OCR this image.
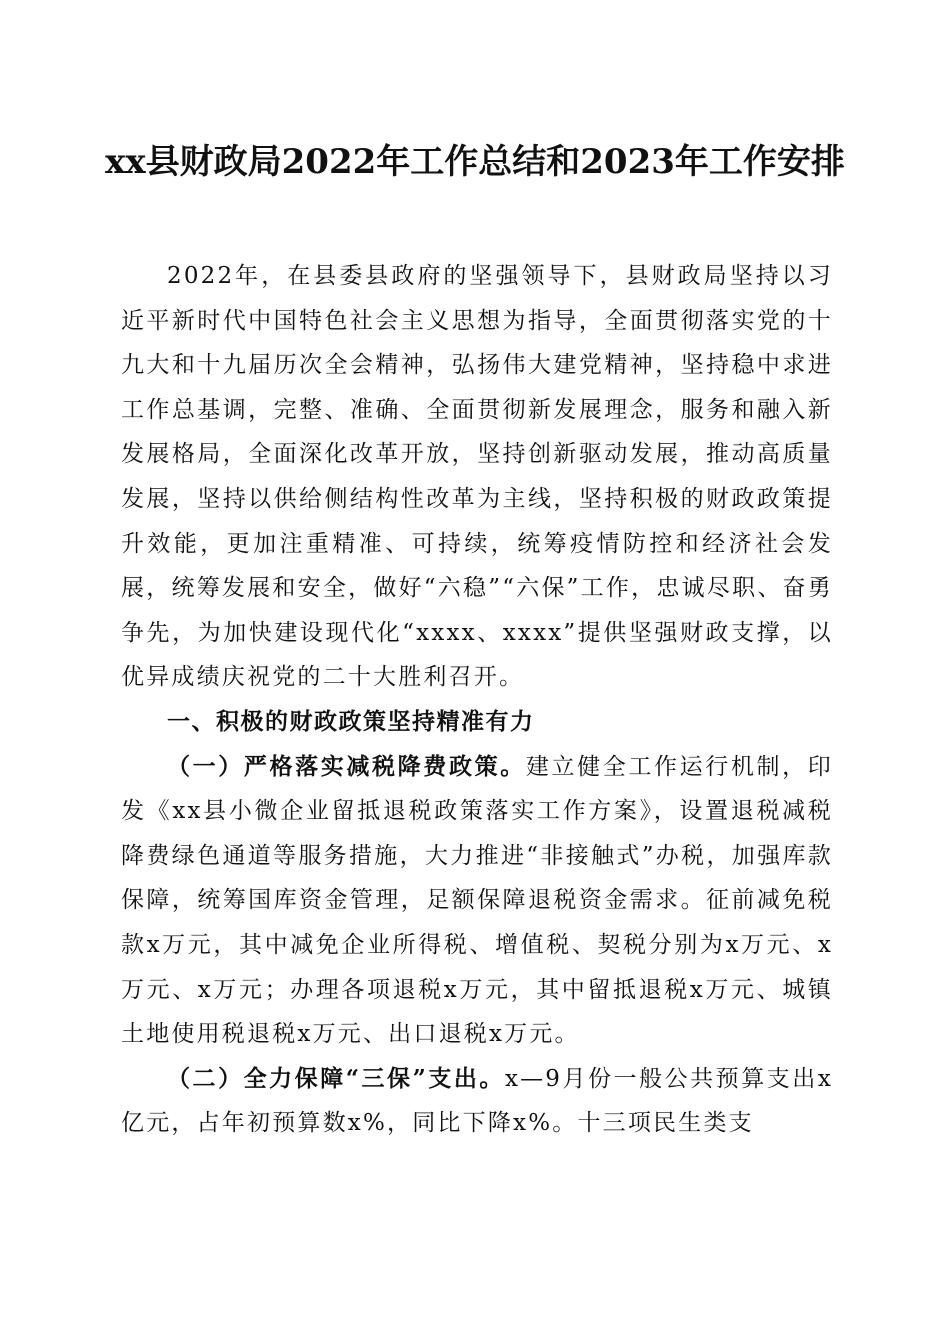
xx县财政局2022年工作总结和2023年工作安排

2022年，在县委县政府的坚强领导下，县财政局坚持以习近平新时代中国特色社会主义思想为指导，全面贯彻落实党的十九大和十九届历次全会精神，弘扬伟大建党精神，坚持稳中求进工作总基调，完整、准确、全面贯彻新发展理念，服务和融入新发展格局，全面深化改革开放，坚持创新驱动发展，推动高质量发展，坚持以供给侧结构性改革为主线，坚持积极的财政政策提升效能，更加注重精准、可持续，统筹疫情防控和经济社会发展，统筹发展和安全，做好“六稳”“六保”工作，忠诚尽职、奋勇争先，为加快建设现代化“xxxx、xxxx”提供坚强财政支撑，以优异成绩庆祝党的二十大胜利召开。

一、积极的财政政策坚持精准有力

（一）严格落实减税降费政策。建立健全工作运行机制，印发《xx县小微企业留抵退税政策落实工作方案》，设置退税减税降费绿色通道等服务措施，大力推进“非接触式”办税，加强库款保障，统筹国库资金管理，足额保障退税资金需求。征前减免税款x万元，其中减免企业所得税、增值税、契税分别为x万元、x万元、x万元；办理各项退税x万元，其中留抵退税x万元、城镇土地使用税退税x万元、出口退税x万元。

（二）全力保障“三保”支出。x—9月份一般公共预算支出x亿元，占年初预算数x%，同比下降x%。十三项民生类支
